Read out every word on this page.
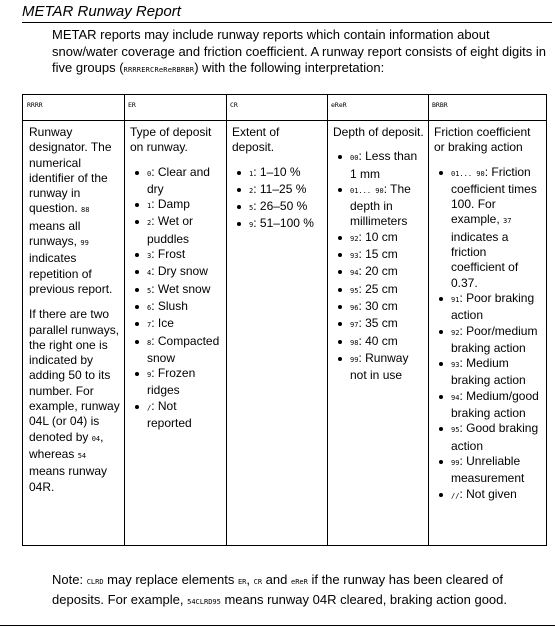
METAR Runway Report
METAR reports may include runway reports which contain information about snow/water coverage and friction coefficient. A runway report consists of eight digits in five groups (RRRRERCReReRBRBR) with the following interpretation:
RRRR

Runway designator. The numerical identifier of the runway in question. 88 means all runways, 99 indicates repetition of previous report.

If there are two parallel runways, the right one is indicated by adding 50 to its number. For example, runway 04L (or 04) is denoted by 04, whereas 54 means runway 04R.

ER
Type of deposit on runway.
0: Clear and dry
1: Damp
2: Wet or puddles
3: Frost
4: Dry snow
5: Wet snow
6: Slush
7: Ice
8: Compacted snow
9: Frozen ridges
/: Not reported
CR
Extent of deposit.
1: 1–10 %
2: 11–25 %
5: 26–50 %
9: 51–100 %
eReR
Depth of deposit.
00: Less than 1 mm
01... 90: The depth in millimeters
92: 10 cm
93: 15 cm
94: 20 cm
95: 25 cm
96: 30 cm
97: 35 cm
98: 40 cm
99: Runway not in use
BRBR
Friction coefficient or braking action
01... 90: Friction coefficient times 100. For example, 37 indicates a friction coefficient of 0.37.
91: Poor braking action
92: Poor/medium braking action
93: Medium braking action
94: Medium/good braking action
95: Good braking action
99: Unreliable measurement
//: Not given
Note: CLRD may replace elements ER, CR and eReR if the runway has been cleared of deposits. For example, 54CLRD95 means runway 04R cleared, braking action good.
